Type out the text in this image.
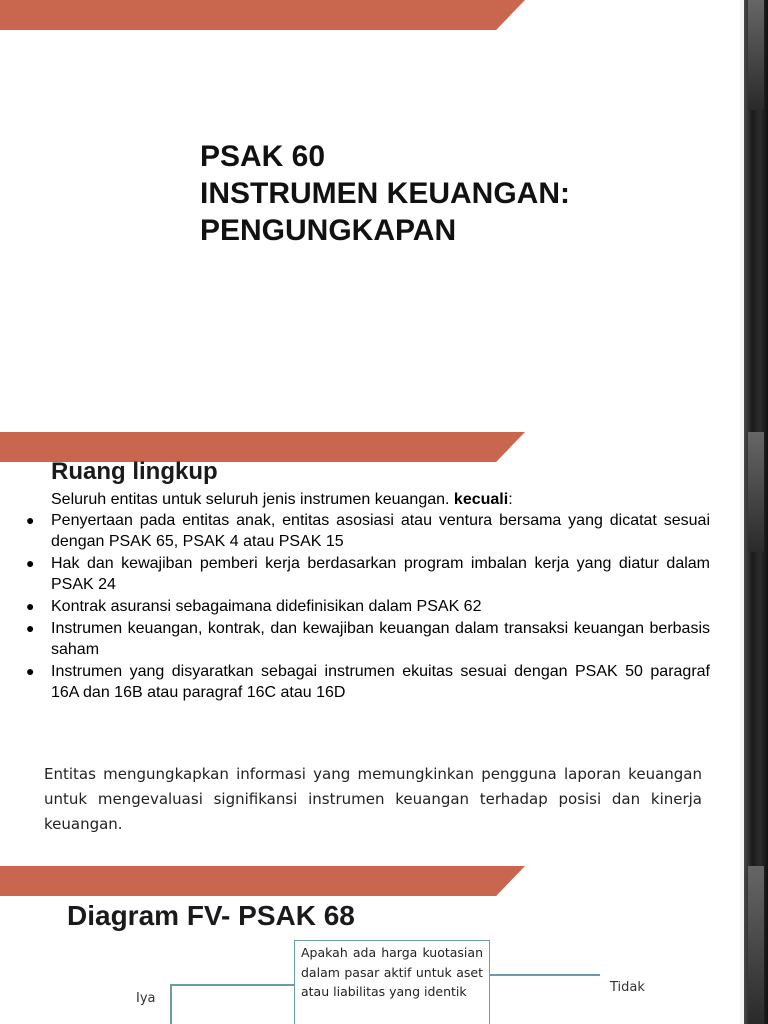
PSAK 60
INSTRUMEN KEUANGAN:
PENGUNGKAPAN
Ruang lingkup
Seluruh entitas untuk seluruh jenis instrumen keuangan. kecuali:
● Penyertaan pada entitas anak, entitas asosiasi atau ventura bersama yang dicatat sesuai dengan PSAK 65, PSAK 4 atau PSAK 15
● Hak dan kewajiban pemberi kerja berdasarkan program imbalan kerja yang diatur dalam PSAK 24
● Kontrak asuransi sebagaimana didefinisikan dalam PSAK 62
● Instrumen keuangan, kontrak, dan kewajiban keuangan dalam transaksi keuangan berbasis saham
● Instrumen yang disyaratkan sebagai instrumen ekuitas sesuai dengan PSAK 50 paragraf 16A dan 16B atau paragraf 16C atau 16D
Entitas mengungkapkan informasi yang memungkinkan pengguna laporan keuangan untuk mengevaluasi signifikansi instrumen keuangan terhadap posisi dan kinerja keuangan.
Diagram FV- PSAK 68
Apakah ada harga kuotasian dalam pasar aktif untuk aset atau liabilitas yang identik
Iya
Tidak
